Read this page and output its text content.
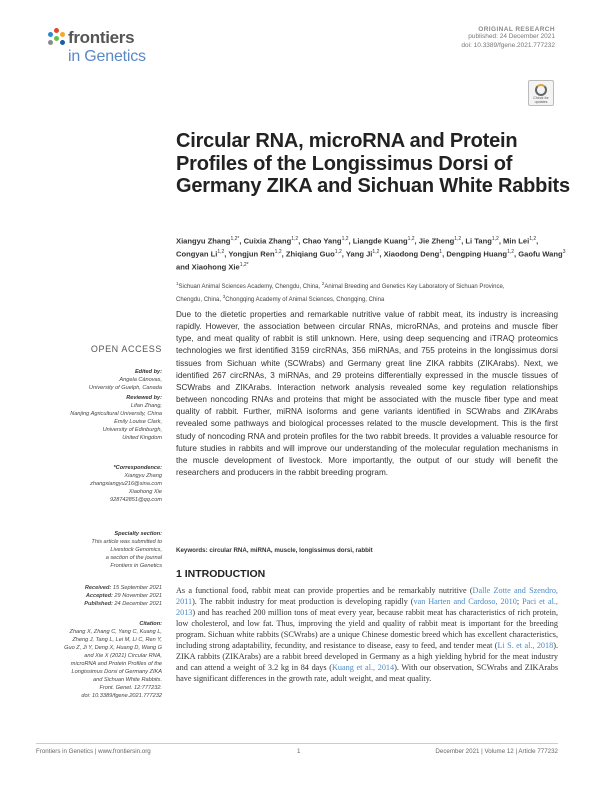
frontiers
in Genetics
ORIGINAL RESEARCH
published: 24 December 2021
doi: 10.3389/fgene.2021.777232
Check for
updates
Circular RNA, microRNA and Protein Profiles of the Longissimus Dorsi of Germany ZIKA and Sichuan White Rabbits
Xiangyu Zhang$^{1,2*}$, Cuixia Zhang$^{1,2}$, Chao Yang$^{1,2}$, Liangde Kuang$^{1,2}$, Jie Zheng$^{1,2}$, Li Tang$^{1,2}$, Min Lei$^{1,2}$, Congyan Li$^{1,2}$, Yongjun Ren$^{1,2}$, Zhiqiang Guo$^{1,2}$, Yang Ji$^{1,2}$, Xiaodong Deng$^1$, Dengping Huang$^{1,2}$, Gaofu Wang$^3$ and Xiaohong Xie$^{1,2*}$
$^1$Sichuan Animal Sciences Academy, Chengdu, China, $^2$Animal Breeding and Genetics Key Laboratory of Sichuan Province,
Chengdu, China, $^3$Chongqing Academy of Animal Sciences, Chongqing, China

Due to the dietetic properties and remarkable nutritive value of rabbit meat, its industry is increasing rapidly. However, the association between circular RNAs, microRNAs, and proteins and muscle fiber type, and meat quality of rabbit is still unknown. Here, using deep sequencing and iTRAQ proteomics technologies we first identified 3159 circRNAs, 356 miRNAs, and 755 proteins in the longissimus dorsi tissues from Sichuan white (SCWrabs) and Germany great line ZIKA rabbits (ZIKArabs). Next, we identified 267 circRNAs, 3 miRNAs, and 29 proteins differentially expressed in the muscle tissues of SCWrabs and ZIKArabs. Interaction network analysis revealed some key regulation relationships between noncoding RNAs and proteins that might be associated with the muscle fiber type and meat quality of rabbit. Further, miRNA isoforms and gene variants identified in SCWrabs and ZIKArabs revealed some pathways and biological processes related to the muscle development. This is the first study of noncoding RNA and protein profiles for the two rabbit breeds. It provides a valuable resource for future studies in rabbits and will improve our understanding of the molecular regulation mechanisms in the muscle development of livestock. More importantly, the output of our study will benefit the researchers and producers in the rabbit breeding program.

Keywords: circular RNA, miRNA, muscle, longissimus dorsi, rabbit
1 INTRODUCTION

As a functional food, rabbit meat can provide properties and be remarkably nutritive (Dalle Zotte and Szendro, 2011). The rabbit industry for meat production is developing rapidly (van Harten and Cardoso, 2010; Paci et al., 2013) and has reached 200 million tons of meat every year, because rabbit meat has characteristics of rich protein, low cholesterol, and low fat. Thus, improving the yield and quality of rabbit meat is important for the breeding program. Sichuan white rabbits (SCWrabs) are a unique Chinese domestic breed which has excellent characteristics, including strong adaptability, fecundity, and resistance to disease, easy to feed, and tender meat (Li S. et al., 2018). ZIKA rabbits (ZIKArabs) are a rabbit breed developed in Germany as a high yielding hybrid for the meat industry and can attend a weight of 3.2 kg in 84 days (Kuang et al., 2014). With our observation, SCWrabs and ZIKArabs have significant differences in the growth rate, adult weight, and meat quality.

OPEN ACCESS
Edited by:
Angela Cánovas,
University of Guelph, Canada
Reviewed by:
Lifan Zhang,
Nanjing Agricultural University, China
Emily Louise Clark,
University of Edinburgh,
United Kingdom
*Correspondence:
Xiangyu Zhang
zhangxiangyu216@sina.com
Xiaohong Xie
928742851@qq.com
Specialty section:
This article was submitted to
Livestock Genomics,
a section of the journal
Frontiers in Genetics
Received: 15 September 2021
Accepted: 29 November 2021
Published: 24 December 2021
Citation:
Zhang X, Zhang C, Yang C, Kuang L,
Zheng J, Tang L, Lei M, Li C, Ren Y,
Guo Z, Ji Y, Deng X, Huang D, Wang G
and Xie X (2021) Circular RNA,
microRNA and Protein Profiles of the
Longissimus Dorsi of Germany ZIKA
and Sichuan White Rabbits.
Front. Genet. 12:777232.
doi: 10.3389/fgene.2021.777232
Frontiers in Genetics | www.frontiersin.org	1	December 2021 | Volume 12 | Article 777232
